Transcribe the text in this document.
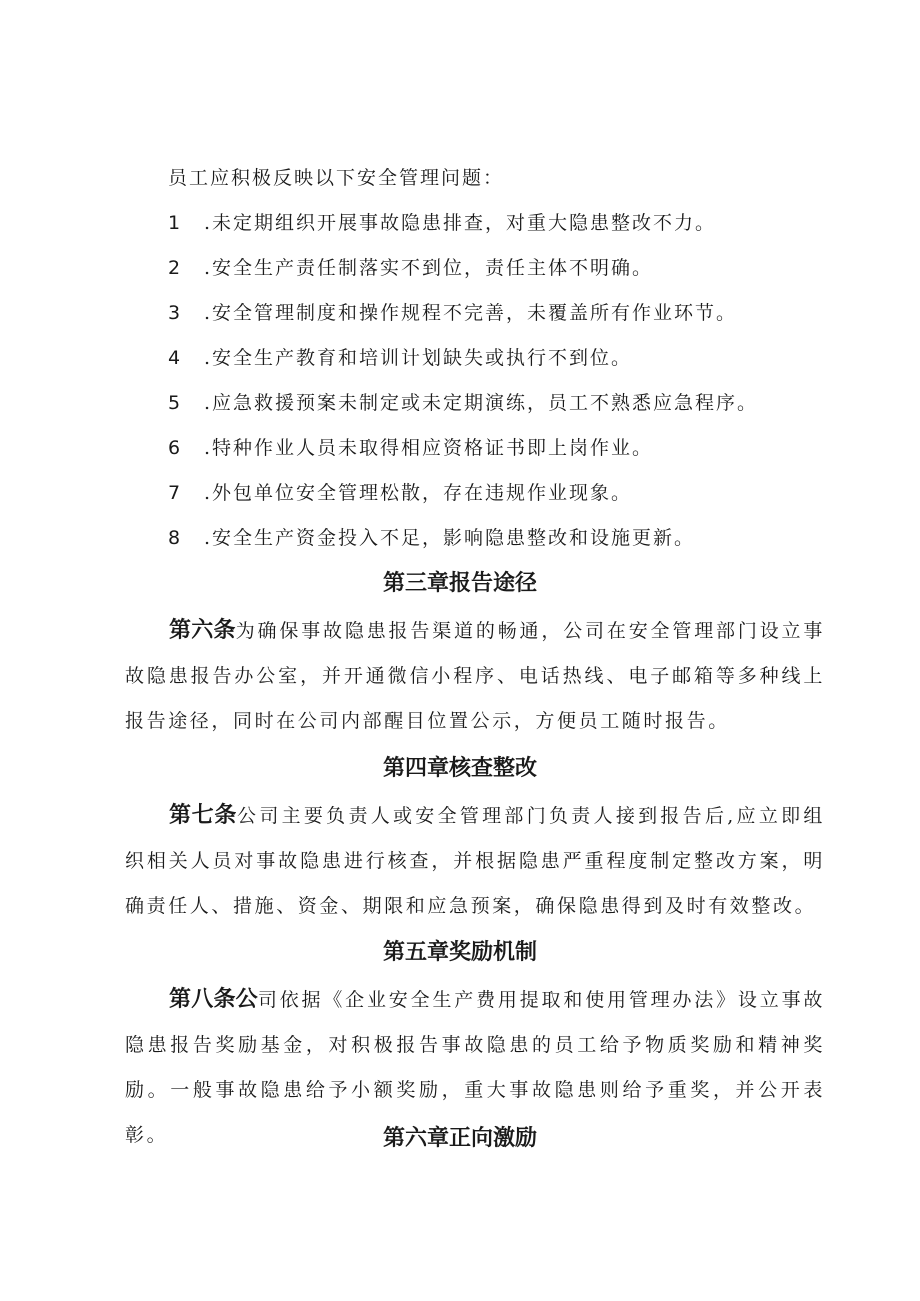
员工应积极反映以下安全管理问题：
1 .未定期组织开展事故隐患排查，对重大隐患整改不力。
2 .安全生产责任制落实不到位，责任主体不明确。
3 .安全管理制度和操作规程不完善，未覆盖所有作业环节。
4 .安全生产教育和培训计划缺失或执行不到位。
5 .应急救援预案未制定或未定期演练，员工不熟悉应急程序。
6 .特种作业人员未取得相应资格证书即上岗作业。
7 .外包单位安全管理松散，存在违规作业现象。
8 .安全生产资金投入不足，影响隐患整改和设施更新。
第三章报告途径
第六条为确保事故隐患报告渠道的畅通，公司在安全管理部门设立事故隐患报告办公室，并开通微信小程序、电话热线、电子邮箱等多种线上报告途径，同时在公司内部醒目位置公示，方便员工随时报告。
第四章核查整改
第七条公司主要负责人或安全管理部门负责人接到报告后,应立即组织相关人员对事故隐患进行核查，并根据隐患严重程度制定整改方案，明确责任人、措施、资金、期限和应急预案，确保隐患得到及时有效整改。
第五章奖励机制
第八条公司依据《企业安全生产费用提取和使用管理办法》设立事故隐患报告奖励基金，对积极报告事故隐患的员工给予物质奖励和精神奖励。一般事故隐患给予小额奖励，重大事故隐患则给予重奖，并公开表彰。	第六章正向激励
